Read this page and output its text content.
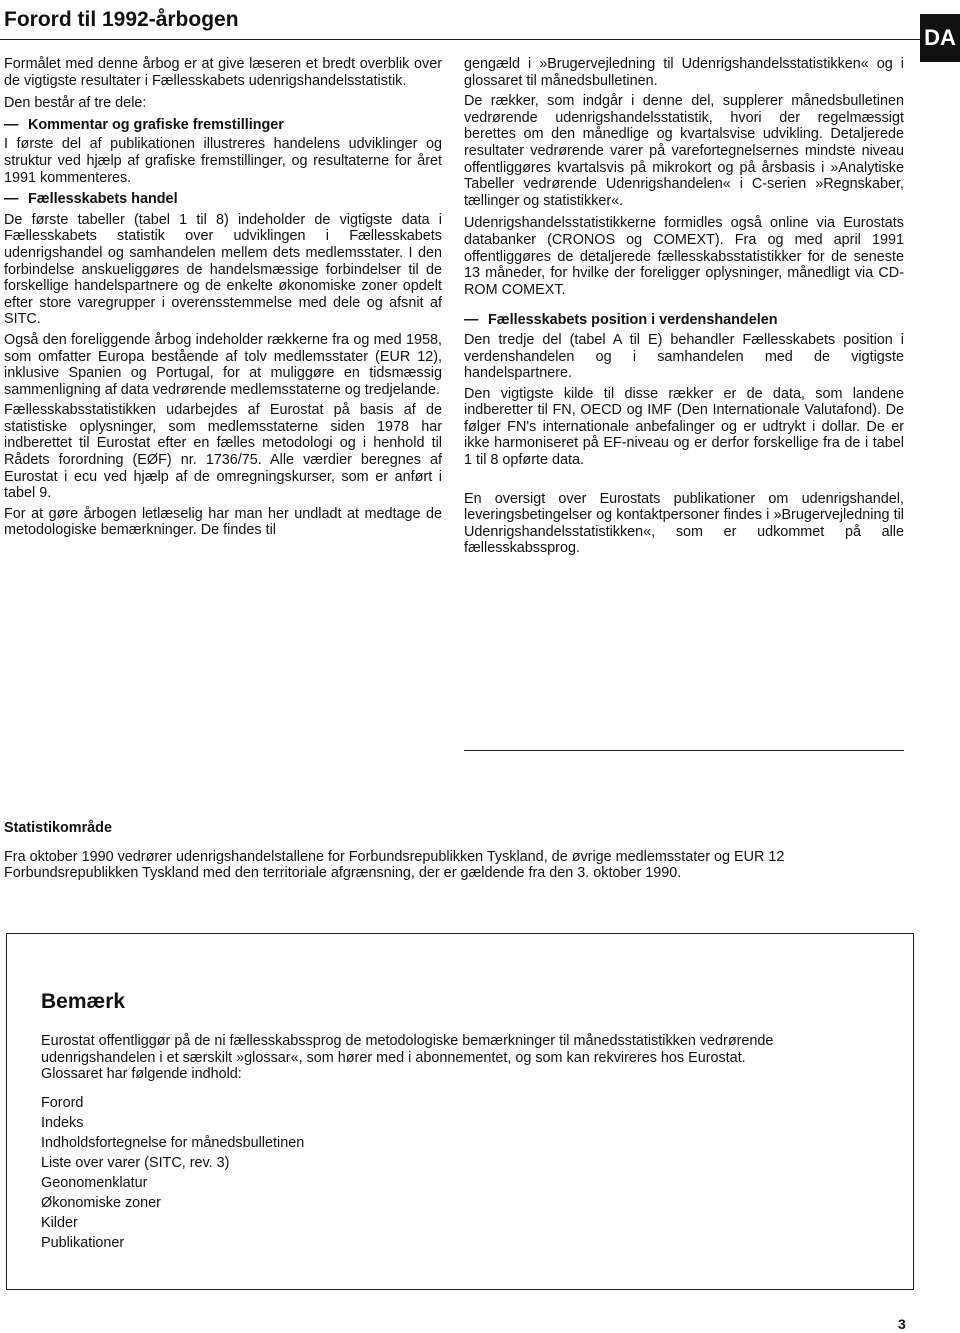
Forord til 1992-årbogen
DA

Formålet med denne årbog er at give læseren et bredt overblik over de vigtigste resultater i Fællesskabets udenrigshandelsstatistik.

Den består af tre dele:

— Kommentar og grafiske fremstillinger

I første del af publikationen illustreres handelens udviklinger og struktur ved hjælp af grafiske fremstillinger, og resultaterne for året 1991 kommenteres.

— Fællesskabets handel

De første tabeller (tabel 1 til 8) indeholder de vigtigste data i Fællesskabets statistik over udviklingen i Fællesskabets udenrigshandel og samhandelen mellem dets medlemsstater. I den forbindelse anskueliggøres de handelsmæssige forbindelser til de forskellige handelspartnere og de enkelte økonomiske zoner opdelt efter store varegrupper i overensstemmelse med dele og afsnit af SITC.

Også den foreliggende årbog indeholder rækkerne fra og med 1958, som omfatter Europa bestående af tolv medlemsstater (EUR 12), inklusive Spanien og Portugal, for at muliggøre en tidsmæssig sammenligning af data vedrørende medlemsstaterne og tredjelande.

Fællesskabsstatistikken udarbejdes af Eurostat på basis af de statistiske oplysninger, som medlemsstaterne siden 1978 har indberettet til Eurostat efter en fælles metodologi og i henhold til Rådets forordning (EØF) nr. 1736/75. Alle værdier beregnes af Eurostat i ecu ved hjælp af de omregningskurser, som er anført i tabel 9.

For at gøre årbogen letlæselig har man her undladt at medtage de metodologiske bemærkninger. De findes til

gengæld i »Brugervejledning til Udenrigshandelsstatistikken« og i glossaret til månedsbulletinen.

De rækker, som indgår i denne del, supplerer månedsbulletinen vedrørende udenrigshandelsstatistik, hvori der regelmæssigt berettes om den månedlige og kvartalsvise udvikling. Detaljerede resultater vedrørende varer på varefortegnelsernes mindste niveau offentliggøres kvartalsvis på mikrokort og på årsbasis i »Analytiske Tabeller vedrørende Udenrigshandelen« i C-serien »Regnskaber, tællinger og statistikker«.

Udenrigshandelsstatistikkerne formidles også online via Eurostats databanker (CRONOS og COMEXT). Fra og med april 1991 offentliggøres de detaljerede fællesskabsstatistikker for de seneste 13 måneder, for hvilke der foreligger oplysninger, månedligt via CD-ROM COMEXT.

— Fællesskabets position i verdenshandelen

Den tredje del (tabel A til E) behandler Fællesskabets position i verdenshandelen og i samhandelen med de vigtigste handelspartnere.

Den vigtigste kilde til disse rækker er de data, som landene indberetter til FN, OECD og IMF (Den Internationale Valutafond). De følger FN's internationale anbefalinger og er udtrykt i dollar. De er ikke harmoniseret på EF-niveau og er derfor forskellige fra de i tabel 1 til 8 opførte data.

En oversigt over Eurostats publikationer om udenrigshandel, leveringsbetingelser og kontaktpersoner findes i »Brugervejledning til Udenrigshandelsstatistikken«, som er udkommet på alle fællesskabssprog.

Statistikområde

Fra oktober 1990 vedrører udenrigshandelstallene for Forbundsrepublikken Tyskland, de øvrige medlemsstater og EUR 12

Forbundsrepublikken Tyskland med den territoriale afgrænsning, der er gældende fra den 3. oktober 1990.

Bemærk

Eurostat offentliggør på de ni fællesskabssprog de metodologiske bemærkninger til månedsstatistikken vedrørende udenrigshandelen i et særskilt »glossar«, som hører med i abonnementet, og som kan rekvireres hos Eurostat.

Glossaret har følgende indhold:

Forord
Indeks
Indholdsfortegnelse for månedsbulletinen
Liste over varer (SITC, rev. 3)
Geonomenklatur
Økonomiske zoner
Kilder
Publikationer
3
